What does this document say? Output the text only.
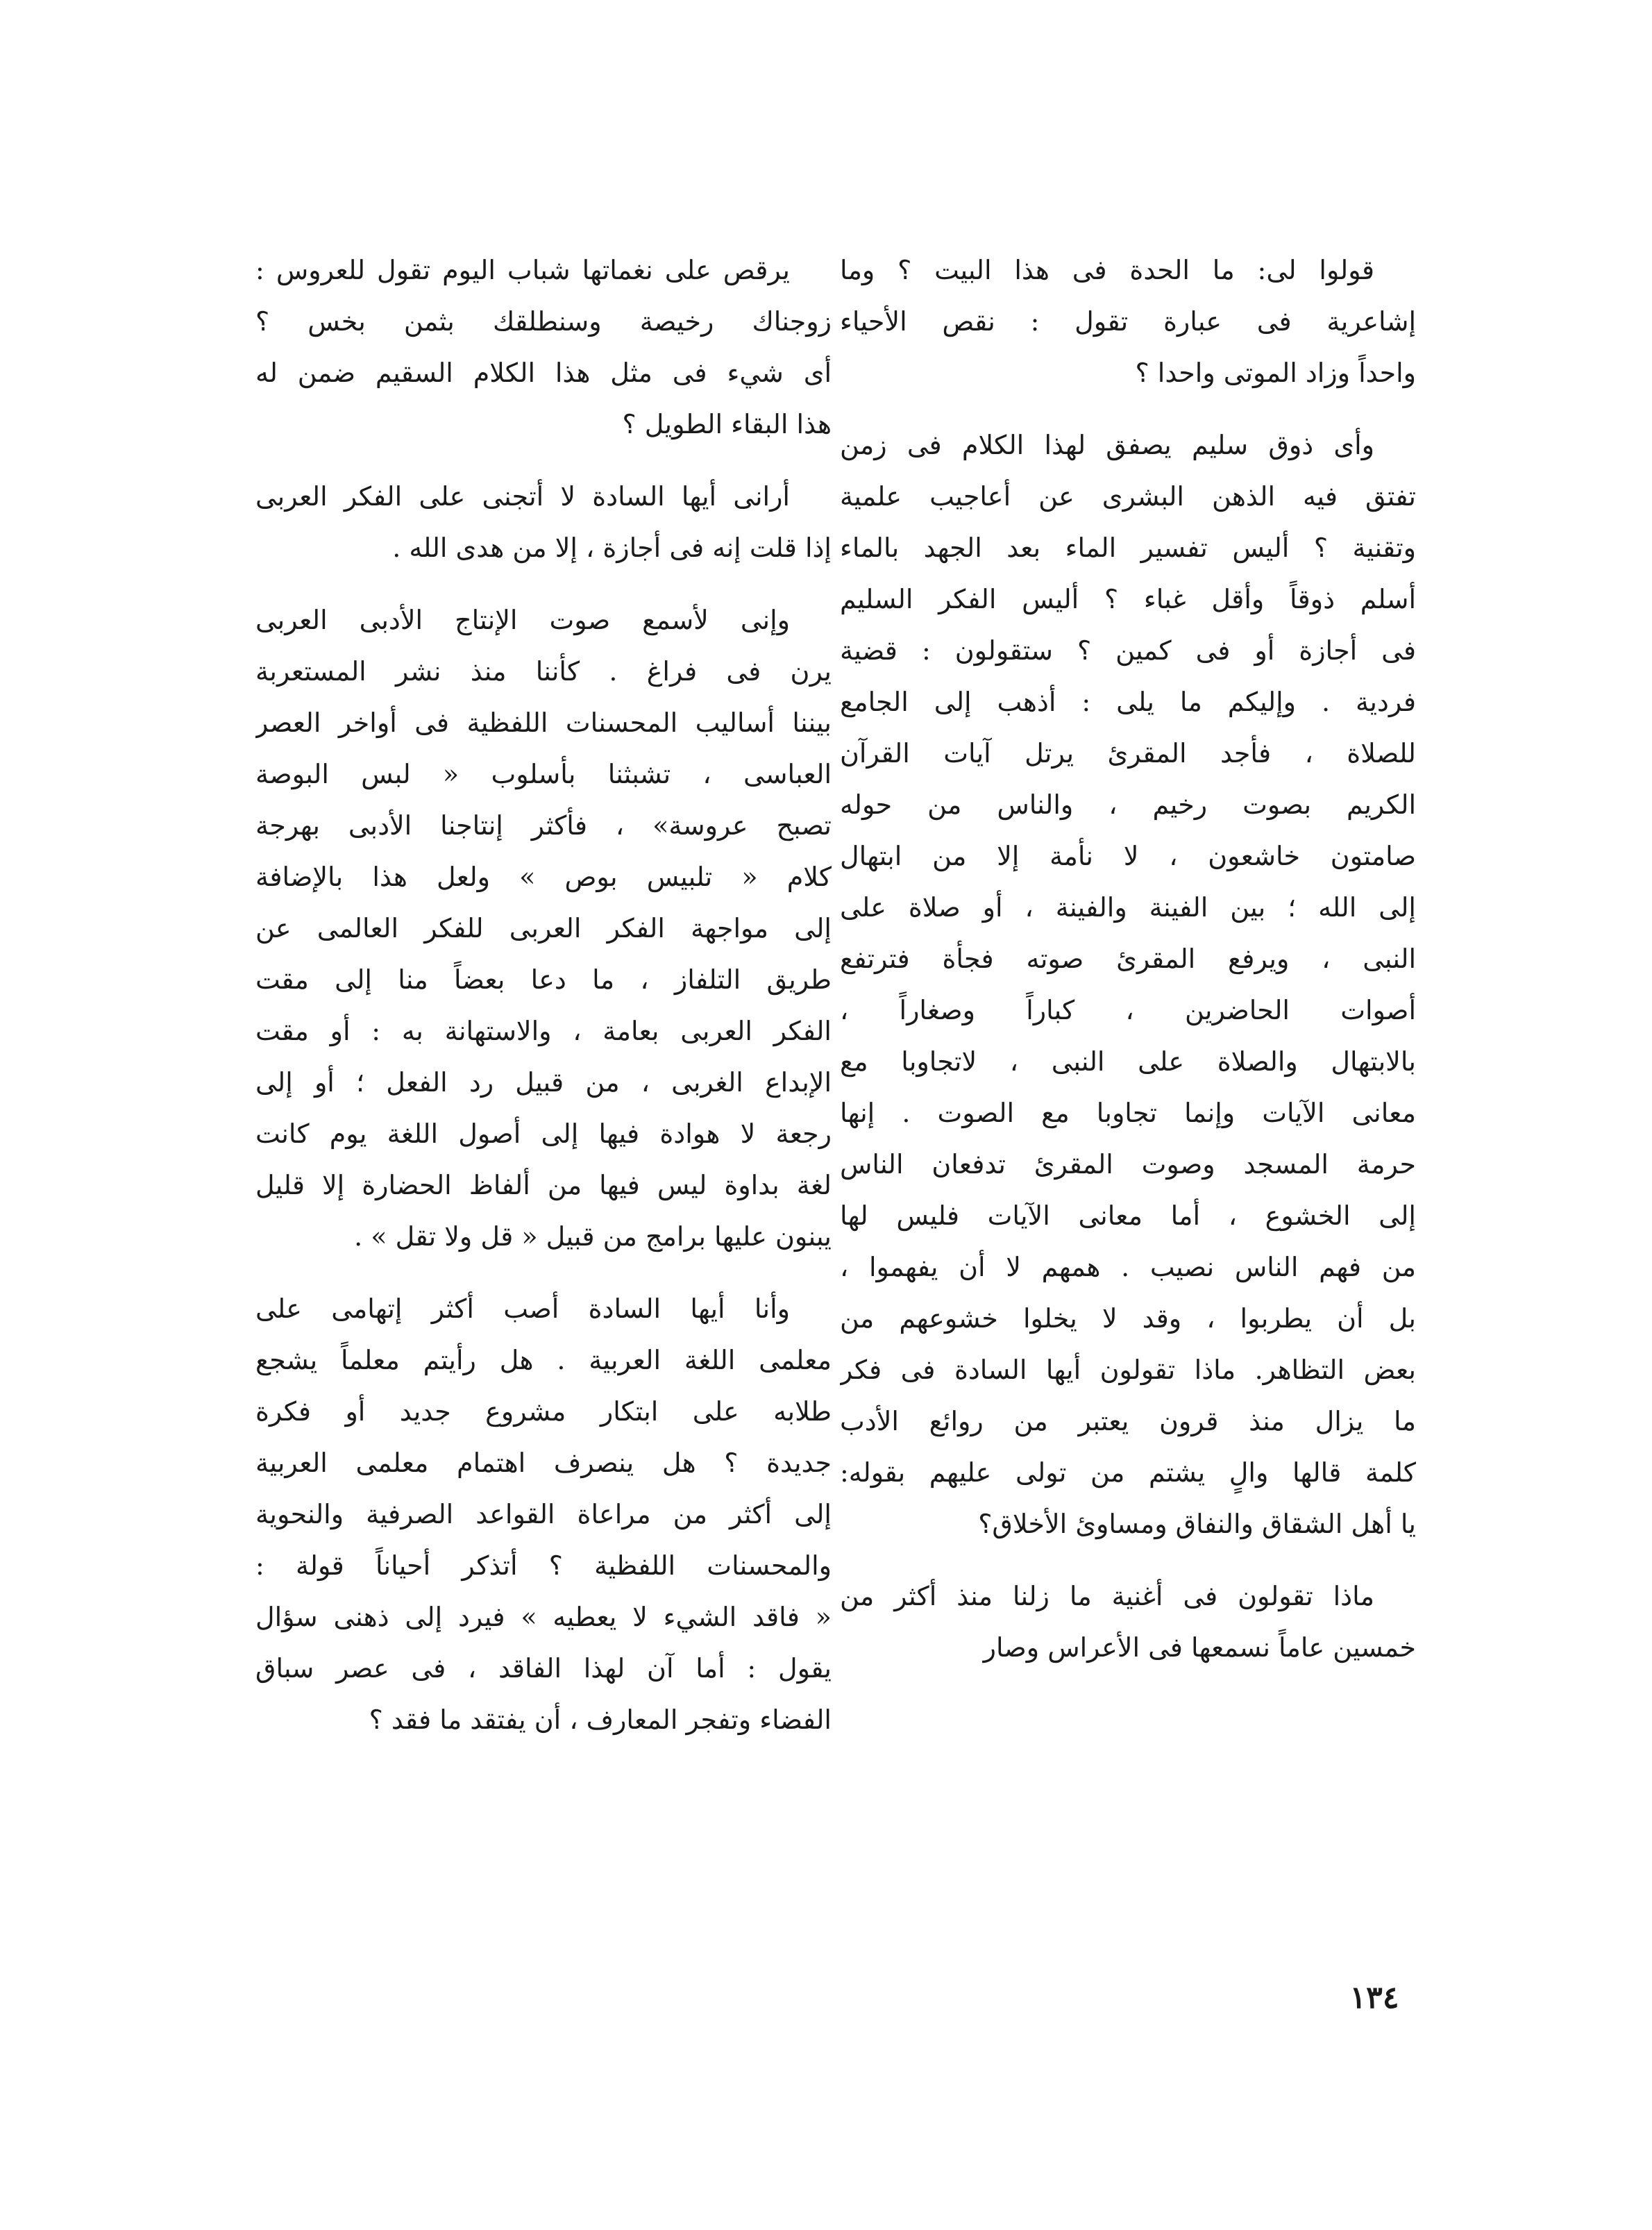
قولوا لى: ما الحدة فى هذا البيت ؟ وما
إشاعرية فى عبارة تقول : نقص الأحياء
واحداً وزاد الموتى واحدا ؟
وأى ذوق سليم يصفق لهذا الكلام فى زمن
تفتق فيه الذهن البشرى عن أعاجيب علمية
وتقنية ؟ أليس تفسير الماء بعد الجهد بالماء
أسلم ذوقاً وأقل غباء ؟ أليس الفكر السليم
فى أجازة أو فى كمين ؟ ستقولون : قضية
فردية . وإليكم ما يلى : أذهب إلى الجامع
للصلاة ، فأجد المقرئ يرتل آيات القرآن
الكريم بصوت رخيم ، والناس من حوله
صامتون خاشعون ، لا نأمة إلا من ابتهال
إلى الله ؛ بين الفينة والفينة ، أو صلاة على
النبى ، ويرفع المقرئ صوته فجأة فترتفع
أصوات الحاضرين ، كباراً وصغاراً ،
بالابتهال والصلاة على النبى ، لاتجاوبا مع
معانى الآيات وإنما تجاوبا مع الصوت . إنها
حرمة المسجد وصوت المقرئ تدفعان الناس
إلى الخشوع ، أما معانى الآيات فليس لها
من فهم الناس نصيب . همهم لا أن يفهموا ،
بل أن يطربوا ، وقد لا يخلوا خشوعهم من
بعض التظاهر. ماذا تقولون أيها السادة فى فكر
ما يزال منذ قرون يعتبر من روائع الأدب
كلمة قالها والٍ يشتم من تولى عليهم بقوله:
يا أهل الشقاق والنفاق ومساوئ الأخلاق؟
ماذا تقولون فى أغنية ما زلنا منذ أكثر من
خمسين عاماً نسمعها فى الأعراس وصار
يرقص على نغماتها شباب اليوم تقول للعروس :
زوجناك رخيصة وسنطلقك بثمن بخس ؟
أى شيء فى مثل هذا الكلام السقيم ضمن له
هذا البقاء الطويل ؟
أرانى أيها السادة لا أتجنى على الفكر العربى
إذا قلت إنه فى أجازة ، إلا من هدى الله .
وإنى لأسمع صوت الإنتاج الأدبى العربى
يرن فى فراغ . كأننا منذ نشر المستعربة
بيننا أساليب المحسنات اللفظية فى أواخر العصر
العباسى ، تشبثنا بأسلوب « لبس البوصة
تصبح عروسة» ، فأكثر إنتاجنا الأدبى بهرجة
كلام « تلبيس بوص » ولعل هذا بالإضافة
إلى مواجهة الفكر العربى للفكر العالمى عن
طريق التلفاز ، ما دعا بعضاً منا إلى مقت
الفكر العربى بعامة ، والاستهانة به : أو مقت
الإبداع الغربى ، من قبيل رد الفعل ؛ أو إلى
رجعة لا هوادة فيها إلى أصول اللغة يوم كانت
لغة بداوة ليس فيها من ألفاظ الحضارة إلا قليل
يبنون عليها برامج من قبيل « قل ولا تقل » .
وأنا أيها السادة أصب أكثر إتهامى على
معلمى اللغة العربية . هل رأيتم معلماً يشجع
طلابه على ابتكار مشروع جديد أو فكرة
جديدة ؟ هل ينصرف اهتمام معلمى العربية
إلى أكثر من مراعاة القواعد الصرفية والنحوية
والمحسنات اللفظية ؟ أتذكر أحياناً قولة :
« فاقد الشيء لا يعطيه » فيرد إلى ذهنى سؤال
يقول : أما آن لهذا الفاقد ، فى عصر سباق
الفضاء وتفجر المعارف ، أن يفتقد ما فقد ؟
١٣٤
